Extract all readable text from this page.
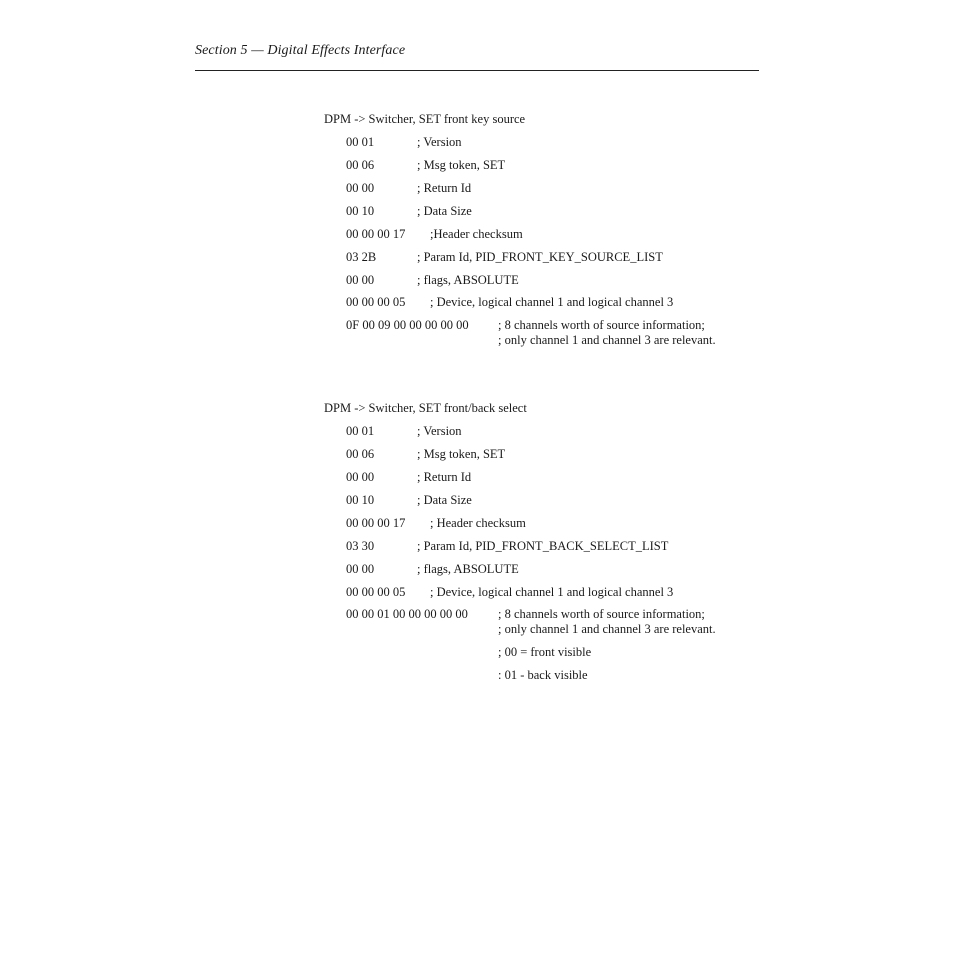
Section 5 — Digital Effects Interface
DPM -> Switcher, SET front key source
00 01	; Version
00 06	; Msg token, SET
00 00	; Return Id
00 10	; Data Size
00 00 00 17 ;Header checksum
03 2B	; Param Id, PID_FRONT_KEY_SOURCE_LIST
00 00	; flags, ABSOLUTE
00 00 00 05 ; Device, logical channel 1 and logical channel 3
0F 00 09 00 00 00 00 00 ; 8 channels worth of source information;
; only channel 1 and channel 3 are relevant.
DPM -> Switcher, SET front/back select
00 01	; Version
00 06	; Msg token, SET
00 00	; Return Id
00 10	; Data Size
00 00 00 17 ; Header checksum
03 30	; Param Id, PID_FRONT_BACK_SELECT_LIST
00 00	; flags, ABSOLUTE
00 00 00 05 ; Device, logical channel 1 and logical channel 3
00 00 01 00 00 00 00 00 ; 8 channels worth of source information;
; only channel 1 and channel 3 are relevant.
; 00 = front visible
: 01 - back visible
